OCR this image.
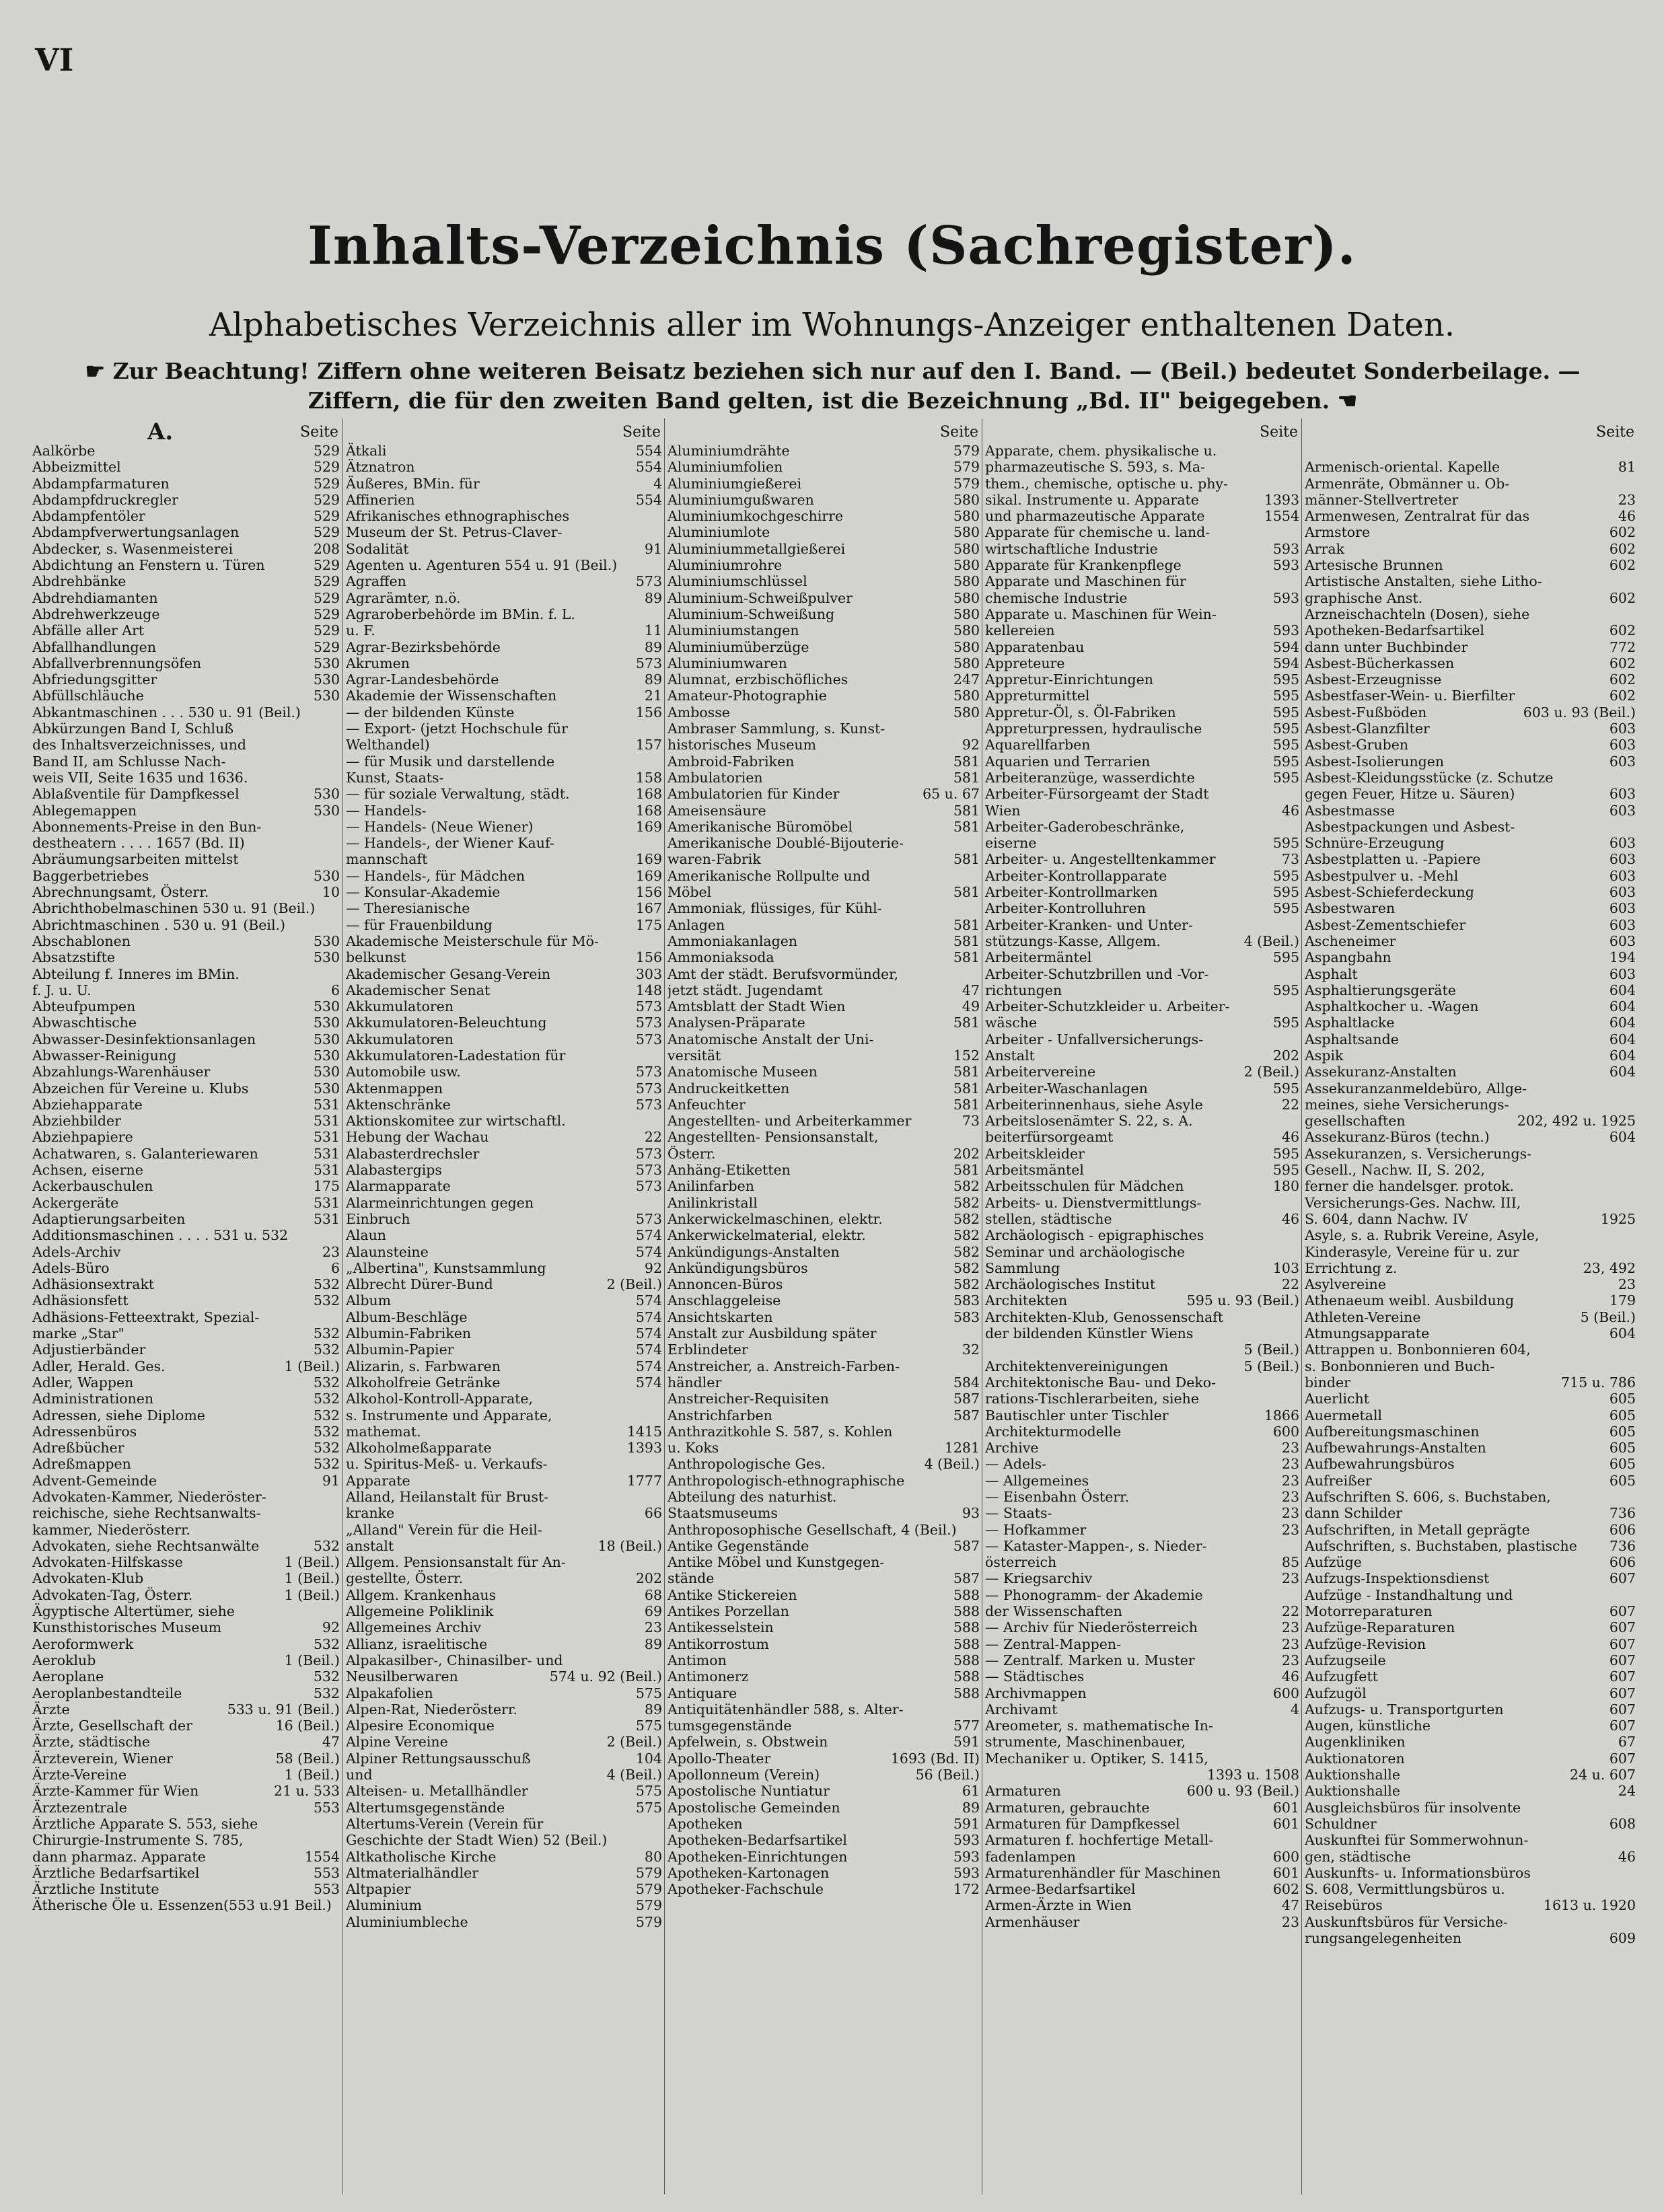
VI
Inhalts-Verzeichnis (Sachregister).
Alphabetisches Verzeichnis aller im Wohnungs-Anzeiger enthaltenen Daten.
☛ Zur Beachtung! Ziffern ohne weiteren Beisatz beziehen sich nur auf den I. Band. — (Beil.) bedeutet Sonderbeilage. — Ziffern, die für den zweiten Band gelten, ist die Bezeichnung „Bd. II" beigegeben. ☚
A.	Seite
Aalkörbe	529
Abbeizmittel	529
Abdampfarmaturen	529
Abdampfdruckregler	529
Abdampfentöler	529
Abdampfverwertungsanlagen	529
Abdecker, s. Wasenmeisterei	208
Abdichtung an Fenstern u. Türen	529
Abdrehbänke	529
Abdrehdiamanten	529
Abdrehwerkzeuge	529
Abfälle aller Art	529
Abfallhandlungen	529
Abfallverbrennungsöfen	530
Abfriedungsgitter	530
Abfüllschläuche	530
Abkantmaschinen . . . 530 u. 91 (Beil.)
Abkürzungen Band I, Schluß
des Inhaltsverzeichnisses, und
Band II, am Schlusse Nach-
weis VII, Seite 1635 und 1636.
Ablaßventile für Dampfkessel	530
Ablegemappen	530
Abonnements-Preise in den Bun-
destheatern . . . . 1657 (Bd. II)
Abräumungsarbeiten mittelst
Baggerbetriebes	530
Abrechnungsamt, Österr.	10
Abrichthobelmaschinen 530 u. 91 (Beil.)
Abrichtmaschinen . 530 u. 91 (Beil.)
Abschablonen	530
Absatzstifte	530
Abteilung f. Inneres im BMin.
f. J. u. U.	6
Abteufpumpen	530
Abwaschtische	530
Abwasser-Desinfektionsanlagen	530
Abwasser-Reinigung	530
Abzahlungs-Warenhäuser	530
Abzeichen für Vereine u. Klubs	530
Abziehapparate	531
Abziehbilder	531
Abziehpapiere	531
Achatwaren, s. Galanteriewaren	531
Achsen, eiserne	531
Ackerbauschulen	175
Ackergeräte	531
Adaptierungsarbeiten	531
Additionsmaschinen . . . . 531 u. 532
Adels-Archiv	23
Adels-Büro	6
Adhäsionsextrakt	532
Adhäsionsfett	532
Adhäsions-Fetteextrakt, Spezial-
marke „Star"	532
Adjustierbänder	532
Adler, Herald. Ges.	1 (Beil.)
Adler, Wappen	532
Administrationen	532
Adressen, siehe Diplome	532
Adressenbüros	532
Adreßbücher	532
Adreßmappen	532
Advent-Gemeinde	91
Advokaten-Kammer, Niederöster-
reichische, siehe Rechtsanwalts-
kammer, Niederösterr.
Advokaten, siehe Rechtsanwälte	532
Advokaten-Hilfskasse	1 (Beil.)
Advokaten-Klub	1 (Beil.)
Advokaten-Tag, Österr.	1 (Beil.)
Ägyptische Altertümer, siehe
Kunsthistorisches Museum	92
Aeroformwerk	532
Aeroklub	1 (Beil.)
Aeroplane	532
Aeroplanbestandteile	532
Ärzte	533 u. 91 (Beil.)
Ärzte, Gesellschaft der	16 (Beil.)
Ärzte, städtische	47
Ärzteverein, Wiener	58 (Beil.)
Ärzte-Vereine	1 (Beil.)
Ärzte-Kammer für Wien	21 u. 533
Ärztezentrale	553
Ärztliche Apparate S. 553, siehe
Chirurgie-Instrumente S. 785,
dann pharmaz. Apparate	1554
Ärztliche Bedarfsartikel	553
Ärztliche Institute	553
Ätherische Öle u. Essenzen(553 u.91 Beil.)
Seite
Ätkali	554
Ätznatron	554
Äußeres, BMin. für	4
Affinerien	554
Afrikanisches ethnographisches
Museum der St. Petrus-Claver-
Sodalität	91
Agenten u. Agenturen 554 u. 91 (Beil.)
Agraffen	573
Agrarämter, n.ö.	89
Agraroberbehörde im BMin. f. L.
u. F.	11
Agrar-Bezirksbehörde	89
Akrumen	573
Agrar-Landesbehörde	89
Akademie der Wissenschaften	21
— der bildenden Künste	156
— Export- (jetzt Hochschule für
Welthandel)	157
— für Musik und darstellende
Kunst, Staats-	158
— für soziale Verwaltung, städt.	168
— Handels-	168
— Handels- (Neue Wiener)	169
— Handels-, der Wiener Kauf-
mannschaft	169
— Handels-, für Mädchen	169
— Konsular-Akademie	156
— Theresianische	167
— für Frauenbildung	175
Akademische Meisterschule für Mö-
belkunst	156
Akademischer Gesang-Verein	303
Akademischer Senat	148
Akkumulatoren	573
Akkumulatoren-Beleuchtung	573
Akkumulatoren	573
Akkumulatoren-Ladestation für
Automobile usw.	573
Aktenmappen	573
Aktenschränke	573
Aktionskomitee zur wirtschaftl.
Hebung der Wachau	22
Alabasterdrechsler	573
Alabastergips	573
Alarmapparate	573
Alarmeinrichtungen gegen
Einbruch	573
Alaun	574
Alaunsteine	574
„Albertina", Kunstsammlung	92
Albrecht Dürer-Bund	2 (Beil.)
Album	574
Album-Beschläge	574
Albumin-Fabriken	574
Albumin-Papier	574
Alizarin, s. Farbwaren	574
Alkoholfreie Getränke	574
Alkohol-Kontroll-Apparate,
s. Instrumente und Apparate,
mathemat.	1415
Alkoholmeßapparate	1393
u. Spiritus-Meß- u. Verkaufs-
Apparate	1777
Alland, Heilanstalt für Brust-
kranke	66
„Alland" Verein für die Heil-
anstalt	18 (Beil.)
Allgem. Pensionsanstalt für An-
gestellte, Österr.	202
Allgem. Krankenhaus	68
Allgemeine Poliklinik	69
Allgemeines Archiv	23
Allianz, israelitische	89
Alpakasilber-, Chinasilber- und
Neusilberwaren	574 u. 92 (Beil.)
Alpakafolien	575
Alpen-Rat, Niederösterr.	89
Alpesire Economique	575
Alpine Vereine	2 (Beil.)
Alpiner Rettungsausschuß	104
und	4 (Beil.)
Alteisen- u. Metallhändler	575
Altertumsgegenstände	575
Altertums-Verein (Verein für
Geschichte der Stadt Wien) 52 (Beil.)
Altkatholische Kirche	80
Altmaterialhändler	579
Altpapier	579
Aluminium	579
Aluminiumbleche	579
Seite
Aluminiumdrähte	579
Aluminiumfolien	579
Aluminiumgießerei	579
Aluminiumgußwaren	580
Aluminiumkochgeschirre	580
Aluminiumlote	580
Aluminiummetallgießerei	580
Aluminiumrohre	580
Aluminiumschlüssel	580
Aluminium-Schweißpulver	580
Aluminium-Schweißung	580
Aluminiumstangen	580
Aluminiumüberzüge	580
Aluminiumwaren	580
Alumnat, erzbischöfliches	247
Amateur-Photographie	580
Ambosse	580
Ambraser Sammlung, s. Kunst-
historisches Museum	92
Ambroid-Fabriken	581
Ambulatorien	581
Ambulatorien für Kinder	65 u. 67
Ameisensäure	581
Amerikanische Büromöbel	581
Amerikanische Doublé-Bijouterie-
waren-Fabrik	581
Amerikanische Rollpulte und
Möbel	581
Ammoniak, flüssiges, für Kühl-
Anlagen	581
Ammoniakanlagen	581
Ammoniaksoda	581
Amt der städt. Berufsvormünder,
jetzt städt. Jugendamt	47
Amtsblatt der Stadt Wien	49
Analysen-Präparate	581
Anatomische Anstalt der Uni-
versität	152
Anatomische Museen	581
Andruckeitketten	581
Anfeuchter	581
Angestellten- und Arbeiterkammer	73
Angestellten- Pensionsanstalt,
Österr.	202
Anhäng-Etiketten	581
Anilinfarben	582
Anilinkristall	582
Ankerwickelmaschinen, elektr.	582
Ankerwickelmaterial, elektr.	582
Ankündigungs-Anstalten	582
Ankündigungsbüros	582
Annoncen-Büros	582
Anschlaggeleise	583
Ansichtskarten	583
Anstalt zur Ausbildung später
Erblindeter	32
Anstreicher, a. Anstreich-Farben-
händler	584
Anstreicher-Requisiten	587
Anstrichfarben	587
Anthrazitkohle S. 587, s. Kohlen
u. Koks	1281
Anthropologische Ges.	4 (Beil.)
Anthropologisch-ethnographische
Abteilung des naturhist.
Staatsmuseums	93
Anthroposophische Gesellschaft, 4 (Beil.)
Antike Gegenstände	587
Antike Möbel und Kunstgegen-
stände	587
Antike Stickereien	588
Antikes Porzellan	588
Antikesselstein	588
Antikorrostum	588
Antimon	588
Antimonerz	588
Antiquare	588
Antiquitätenhändler 588, s. Alter-
tumsgegenstände	577
Apfelwein, s. Obstwein	591
Apollo-Theater	1693 (Bd. II)
Apollonneum (Verein)	56 (Beil.)
Apostolische Nuntiatur	61
Apostolische Gemeinden	89
Apotheken	591
Apotheken-Bedarfsartikel	593
Apotheken-Einrichtungen	593
Apotheken-Kartonagen	593
Apotheker-Fachschule	172
Seite
Apparate, chem. physikalische u.
pharmazeutische S. 593, s. Ma-
them., chemische, optische u. phy-
sikal. Instrumente u. Apparate	1393
und pharmazeutische Apparate	1554
Apparate für chemische u. land-
wirtschaftliche Industrie	593
Apparate für Krankenpflege	593
Apparate und Maschinen für
chemische Industrie	593
Apparate u. Maschinen für Wein-
kellereien	593
Apparatenbau	594
Appreteure	594
Appretur-Einrichtungen	595
Appreturmittel	595
Appretur-Öl, s. Öl-Fabriken	595
Appreturpressen, hydraulische	595
Aquarellfarben	595
Aquarien und Terrarien	595
Arbeiteranzüge, wasserdichte	595
Arbeiter-Fürsorgeamt der Stadt
Wien	46
Arbeiter-Gaderobeschränke,
eiserne	595
Arbeiter- u. Angestelltenkammer	73
Arbeiter-Kontrollapparate	595
Arbeiter-Kontrollmarken	595
Arbeiter-Kontrolluhren	595
Arbeiter-Kranken- und Unter-
stützungs-Kasse, Allgem.	4 (Beil.)
Arbeitermäntel	595
Arbeiter-Schutzbrillen und -Vor-
richtungen	595
Arbeiter-Schutzkleider u. Arbeiter-
wäsche	595
Arbeiter - Unfallversicherungs-
Anstalt	202
Arbeitervereine	2 (Beil.)
Arbeiter-Waschanlagen	595
Arbeiterinnenhaus, siehe Asyle	22
Arbeitslosenämter S. 22, s. A.
beiterfürsorgeamt	46
Arbeitskleider	595
Arbeitsmäntel	595
Arbeitsschulen für Mädchen	180
Arbeits- u. Dienstvermittlungs-
stellen, städtische	46
Archäologisch - epigraphisches
Seminar und archäologische
Sammlung	103
Archäologisches Institut	22
Architekten	595 u. 93 (Beil.)
Architekten-Klub, Genossenschaft
der bildenden Künstler Wiens
5 (Beil.)
Architektenvereinigungen	5 (Beil.)
Architektonische Bau- und Deko-
rations-Tischlerarbeiten, siehe
Bautischler unter Tischler	1866
Architekturmodelle	600
Archive	23
— Adels-	23
— Allgemeines	23
— Eisenbahn Österr.	23
— Staats-	23
— Hofkammer	23
— Kataster-Mappen-, s. Nieder-
österreich	85
— Kriegsarchiv	23
— Phonogramm- der Akademie
der Wissenschaften	22
— Archiv für Niederösterreich	23
— Zentral-Mappen-	23
— Zentralf. Marken u. Muster	23
— Städtisches	46
Archivmappen	600
Archivamt	4
Areometer, s. mathematische In-
strumente, Maschinenbauer,
Mechaniker u. Optiker, S. 1415,
1393 u. 1508
Armaturen	600 u. 93 (Beil.)
Armaturen, gebrauchte	601
Armaturen für Dampfkessel	601
Armaturen f. hochfertige Metall-
fadenlampen	600
Armaturenhändler für Maschinen	601
Armee-Bedarfsartikel	602
Armen-Ärzte in Wien	47
Armenhäuser	23
Seite
Armenisch-oriental. Kapelle	81
Armenräte, Obmänner u. Ob-
männer-Stellvertreter	23
Armenwesen, Zentralrat für das	46
Armstore	602
Arrak	602
Artesische Brunnen	602
Artistische Anstalten, siehe Litho-
graphische Anst.	602
Arzneischachteln (Dosen), siehe
Apotheken-Bedarfsartikel	602
dann unter Buchbinder	772
Asbest-Bücherkassen	602
Asbest-Erzeugnisse	602
Asbestfaser-Wein- u. Bierfilter	602
Asbest-Fußböden	603 u. 93 (Beil.)
Asbest-Glanzfilter	603
Asbest-Gruben	603
Asbest-Isolierungen	603
Asbest-Kleidungsstücke (z. Schutze
gegen Feuer, Hitze u. Säuren)	603
Asbestmasse	603
Asbestpackungen und Asbest-
Schnüre-Erzeugung	603
Asbestplatten u. -Papiere	603
Asbestpulver u. -Mehl	603
Asbest-Schieferdeckung	603
Asbestwaren	603
Asbest-Zementschiefer	603
Ascheneimer	603
Aspangbahn	194
Asphalt	603
Asphaltierungsgeräte	604
Asphaltkocher u. -Wagen	604
Asphaltlacke	604
Asphaltsande	604
Aspik	604
Assekuranz-Anstalten	604
Assekuranzanmeldebüro, Allge-
meines, siehe Versicherungs-
gesellschaften	202, 492 u. 1925
Assekuranz-Büros (techn.)	604
Assekuranzen, s. Versicherungs-
Gesell., Nachw. II, S. 202,
ferner die handelsger. protok.
Versicherungs-Ges. Nachw. III,
S. 604, dann Nachw. IV	1925
Asyle, s. a. Rubrik Vereine, Asyle,
Kinderasyle, Vereine für u. zur
Errichtung z.	23, 492
Asylvereine	23
Athenaeum weibl. Ausbildung	179
Athleten-Vereine	5 (Beil.)
Atmungsapparate	604
Attrappen u. Bonbonnieren 604,
s. Bonbonnieren und Buch-
binder	715 u. 786
Auerlicht	605
Auermetall	605
Aufbereitungsmaschinen	605
Aufbewahrungs-Anstalten	605
Aufbewahrungsbüros	605
Aufreißer	605
Aufschriften S. 606, s. Buchstaben,
dann Schilder	736
Aufschriften, in Metall geprägte	606
Aufschriften, s. Buchstaben, plastische	736
Aufzüge	606
Aufzugs-Inspektionsdienst	607
Aufzüge - Instandhaltung und
Motorreparaturen	607
Aufzüge-Reparaturen	607
Aufzüge-Revision	607
Aufzugseile	607
Aufzugfett	607
Aufzugöl	607
Aufzugs- u. Transportgurten	607
Augen, künstliche	607
Augenkliniken	67
Auktionatoren	607
Auktionshalle	24 u. 607
Auktionshalle	24
Ausgleichsbüros für insolvente
Schuldner	608
Auskunftei für Sommerwohnun-
gen, städtische	46
Auskunfts- u. Informationsbüros
S. 608, Vermittlungsbüros u.
Reisebüros	1613 u. 1920
Auskunftsbüros für Versiche-
rungsangelegenheiten	609
